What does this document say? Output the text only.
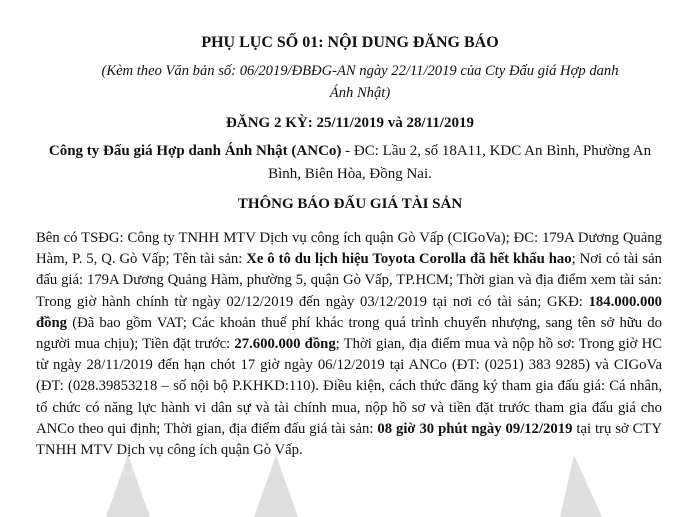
PHỤ LỤC SỐ 01: NỘI DUNG ĐĂNG BÁO
(Kèm theo Văn bản số: 06/2019/ĐBĐG-AN ngày 22/11/2019 của Cty Đấu giá Hợp danh Ánh Nhật)
ĐĂNG 2 KỲ: 25/11/2019 và 28/11/2019
Công ty Đấu giá Hợp danh Ánh Nhật (ANCo) - ĐC: Lầu 2, số 18A11, KDC An Bình, Phường An Bình, Biên Hòa, Đồng Nai.
THÔNG BÁO ĐẤU GIÁ TÀI SẢN
Bên có TSĐG: Công ty TNHH MTV Dịch vụ công ích quận Gò Vấp (CIGoVa); ĐC: 179A Dương Quảng Hàm, P. 5, Q. Gò Vấp; Tên tài sản: Xe ô tô du lịch hiệu Toyota Corolla đã hết khấu hao; Nơi có tài sản đấu giá: 179A Dương Quảng Hàm, phường 5, quận Gò Vấp, TP.HCM; Thời gian và địa điểm xem tài sản: Trong giờ hành chính từ ngày 02/12/2019 đến ngày 03/12/2019 tại nơi có tài sản; GKĐ: 184.000.000 đồng (Đã bao gồm VAT; Các khoản thuế phí khác trong quá trình chuyển nhượng, sang tên sở hữu do người mua chịu); Tiền đặt trước: 27.600.000 đồng; Thời gian, địa điểm mua và nộp hồ sơ: Trong giờ HC từ ngày 28/11/2019 đến hạn chót 17 giờ ngày 06/12/2019 tại ANCo (ĐT: (0251) 383 9285) và CIGoVa (ĐT: (028.39853218 – số nội bộ P.KHKD:110). Điều kiện, cách thức đăng ký tham gia đấu giá: Cá nhân, tổ chức có năng lực hành vi dân sự và tài chính mua, nộp hồ sơ và tiền đặt trước tham gia đấu giá cho ANCo theo qui định; Thời gian, địa điểm đấu giá tài sản: 08 giờ 30 phút ngày 09/12/2019 tại trụ sở CTY TNHH MTV Dịch vụ công ích quận Gò Vấp.
